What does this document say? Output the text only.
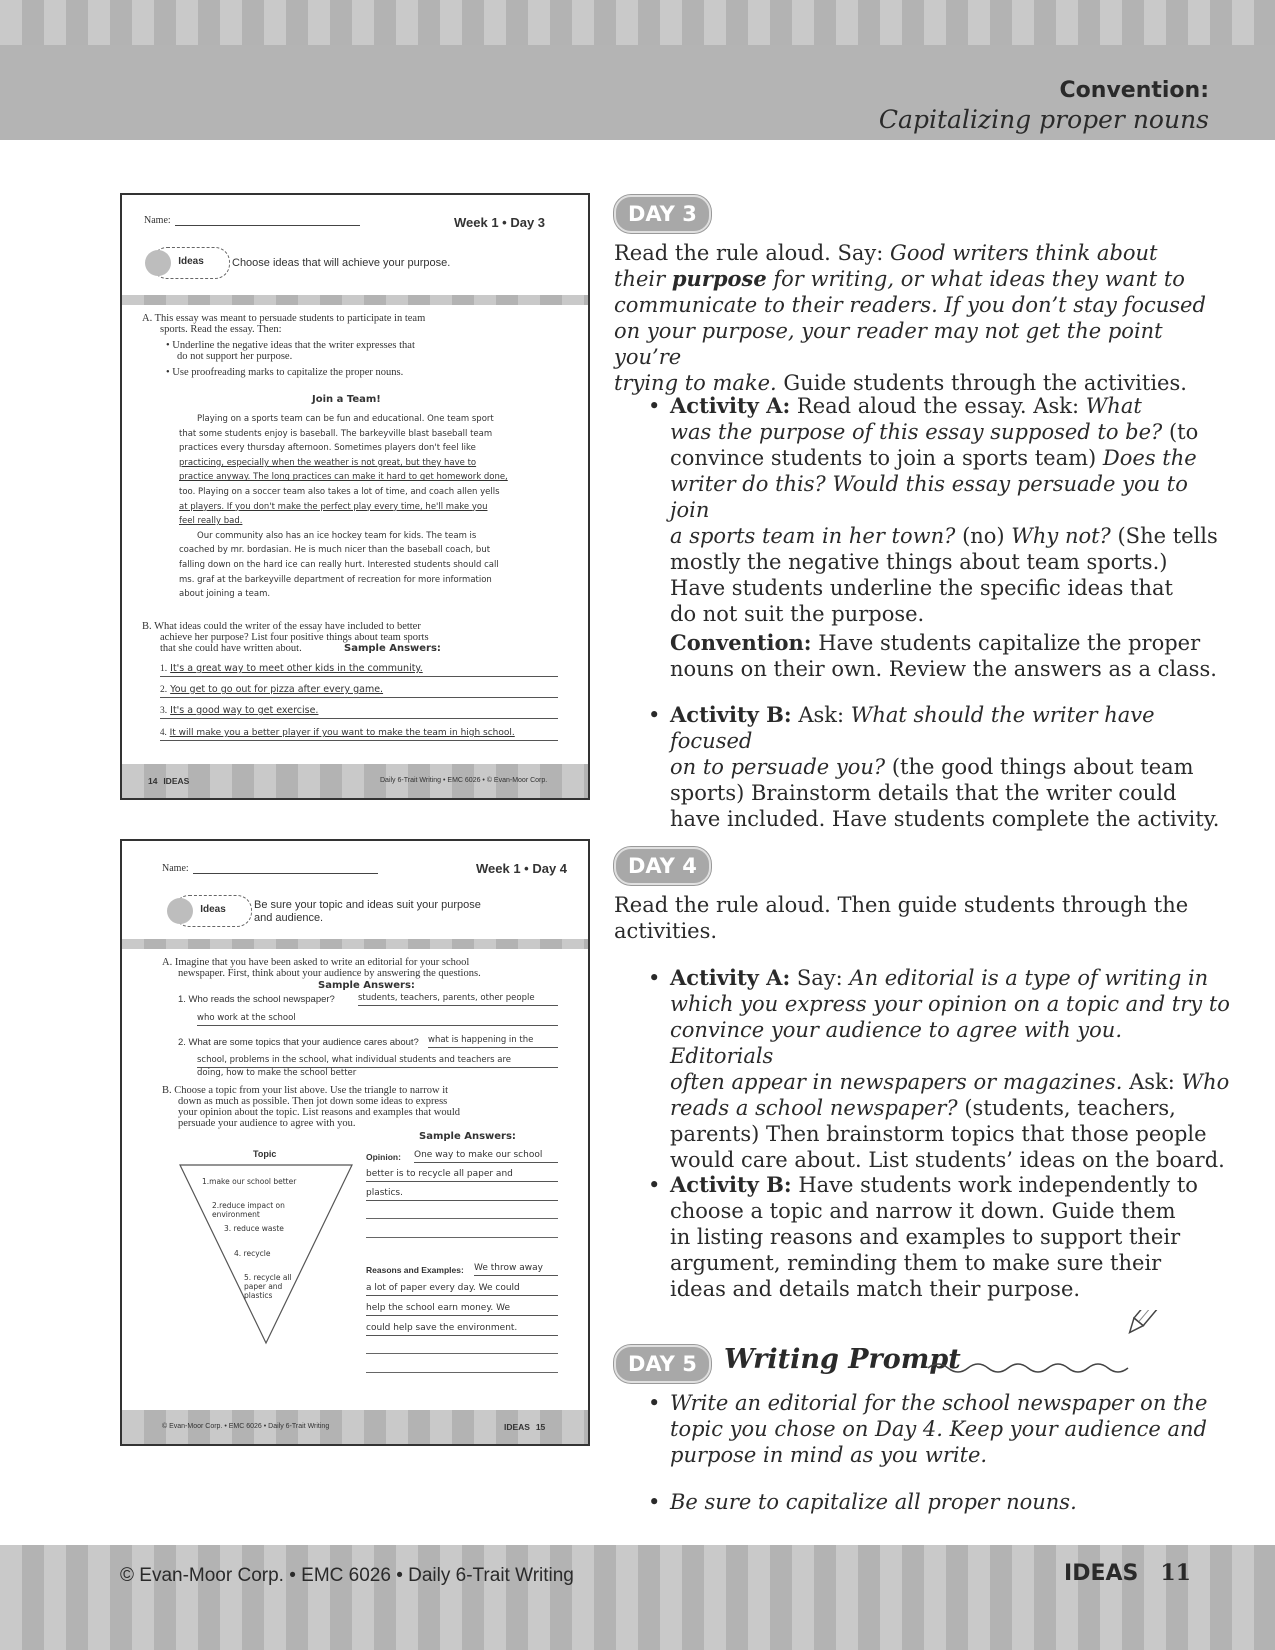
Convention:
Capitalizing proper nouns
Name:	Week 1 • Day 3
Ideas	Choose ideas that will achieve your purpose.
A. This essay was meant to persuade students to participate in team
sports. Read the essay. Then:
• Underline the negative ideas that the writer expresses that
do not support her purpose.
• Use proofreading marks to capitalize the proper nouns.
Join a Team!
Playing on a sports team can be fun and educational. One team sport
that some students enjoy is baseball. The barkeyville blast baseball team
practices every thursday afternoon. Sometimes players don't feel like
practicing, especially when the weather is not great, but they have to
practice anyway. The long practices can make it hard to get homework done,
too. Playing on a soccer team also takes a lot of time, and coach allen yells
at players. If you don't make the perfect play every time, he'll make you
feel really bad.
Our community also has an ice hockey team for kids. The team is
coached by mr. bordasian. He is much nicer than the baseball coach, but
falling down on the hard ice can really hurt. Interested students should call
ms. graf at the barkeyville department of recreation for more information
about joining a team.
B. What ideas could the writer of the essay have included to better
achieve her purpose? List four positive things about team sports
that she could have written about.	Sample Answers:
1. It's a great way to meet other kids in the community.
2. You get to go out for pizza after every game.
3. It's a good way to get exercise.
4. It will make you a better player if you want to make the team in high school.
14 IDEAS	Daily 6-Trait Writing • EMC 6026 • © Evan-Moor Corp.
Name:	Week 1 • Day 4
Ideas	Be sure your topic and ideas suit your purpose
and audience.
A. Imagine that you have been asked to write an editorial for your school
newspaper. First, think about your audience by answering the questions.
Sample Answers:
1. Who reads the school newspaper?	students, teachers, parents, other people
who work at the school
2. What are some topics that your audience cares about? what is happening in the
school, problems in the school, what individual students and teachers are
doing, how to make the school better
B. Choose a topic from your list above. Use the triangle to narrow it
down as much as possible. Then jot down some ideas to express
your opinion about the topic. List reasons and examples that would
persuade your audience to agree with you.
Sample Answers:
Topic
1.make our school better
2.reduce impact on environment
3. reduce waste
4. recycle
5. recycle all paper and plastics
Opinion: One way to make our school
better is to recycle all paper and
plastics.
Reasons and Examples: We throw away
a lot of paper every day. We could
help the school earn money. We
could help save the environment.
© Evan-Moor Corp. • EMC 6026 • Daily 6-Trait Writing	IDEAS 15
DAY 3
Read the rule aloud. Say: Good writers think about
their purpose for writing, or what ideas they want to
communicate to their readers. If you don’t stay focused
on your purpose, your reader may not get the point you’re
trying to make. Guide students through the activities.
• Activity A: Read aloud the essay. Ask: What
was the purpose of this essay supposed to be? (to
convince students to join a sports team) Does the
writer do this? Would this essay persuade you to join
a sports team in her town? (no) Why not? (She tells
mostly the negative things about team sports.)
Have students underline the specific ideas that
do not suit the purpose.
Convention: Have students capitalize the proper
nouns on their own. Review the answers as a class.
• Activity B: Ask: What should the writer have focused
on to persuade you? (the good things about team
sports) Brainstorm details that the writer could
have included. Have students complete the activity.
DAY 4
Read the rule aloud. Then guide students through the
activities.
• Activity A: Say: An editorial is a type of writing in
which you express your opinion on a topic and try to
convince your audience to agree with you. Editorials
often appear in newspapers or magazines. Ask: Who
reads a school newspaper? (students, teachers,
parents) Then brainstorm topics that those people
would care about. List students’ ideas on the board.
• Activity B: Have students work independently to
choose a topic and narrow it down. Guide them
in listing reasons and examples to support their
argument, reminding them to make sure their
ideas and details match their purpose.
DAY 5	Writing Prompt
• Write an editorial for the school newspaper on the
topic you chose on Day 4. Keep your audience and
purpose in mind as you write.
• Be sure to capitalize all proper nouns.
© Evan-Moor Corp. • EMC 6026 • Daily 6-Trait Writing	IDEAS 11
